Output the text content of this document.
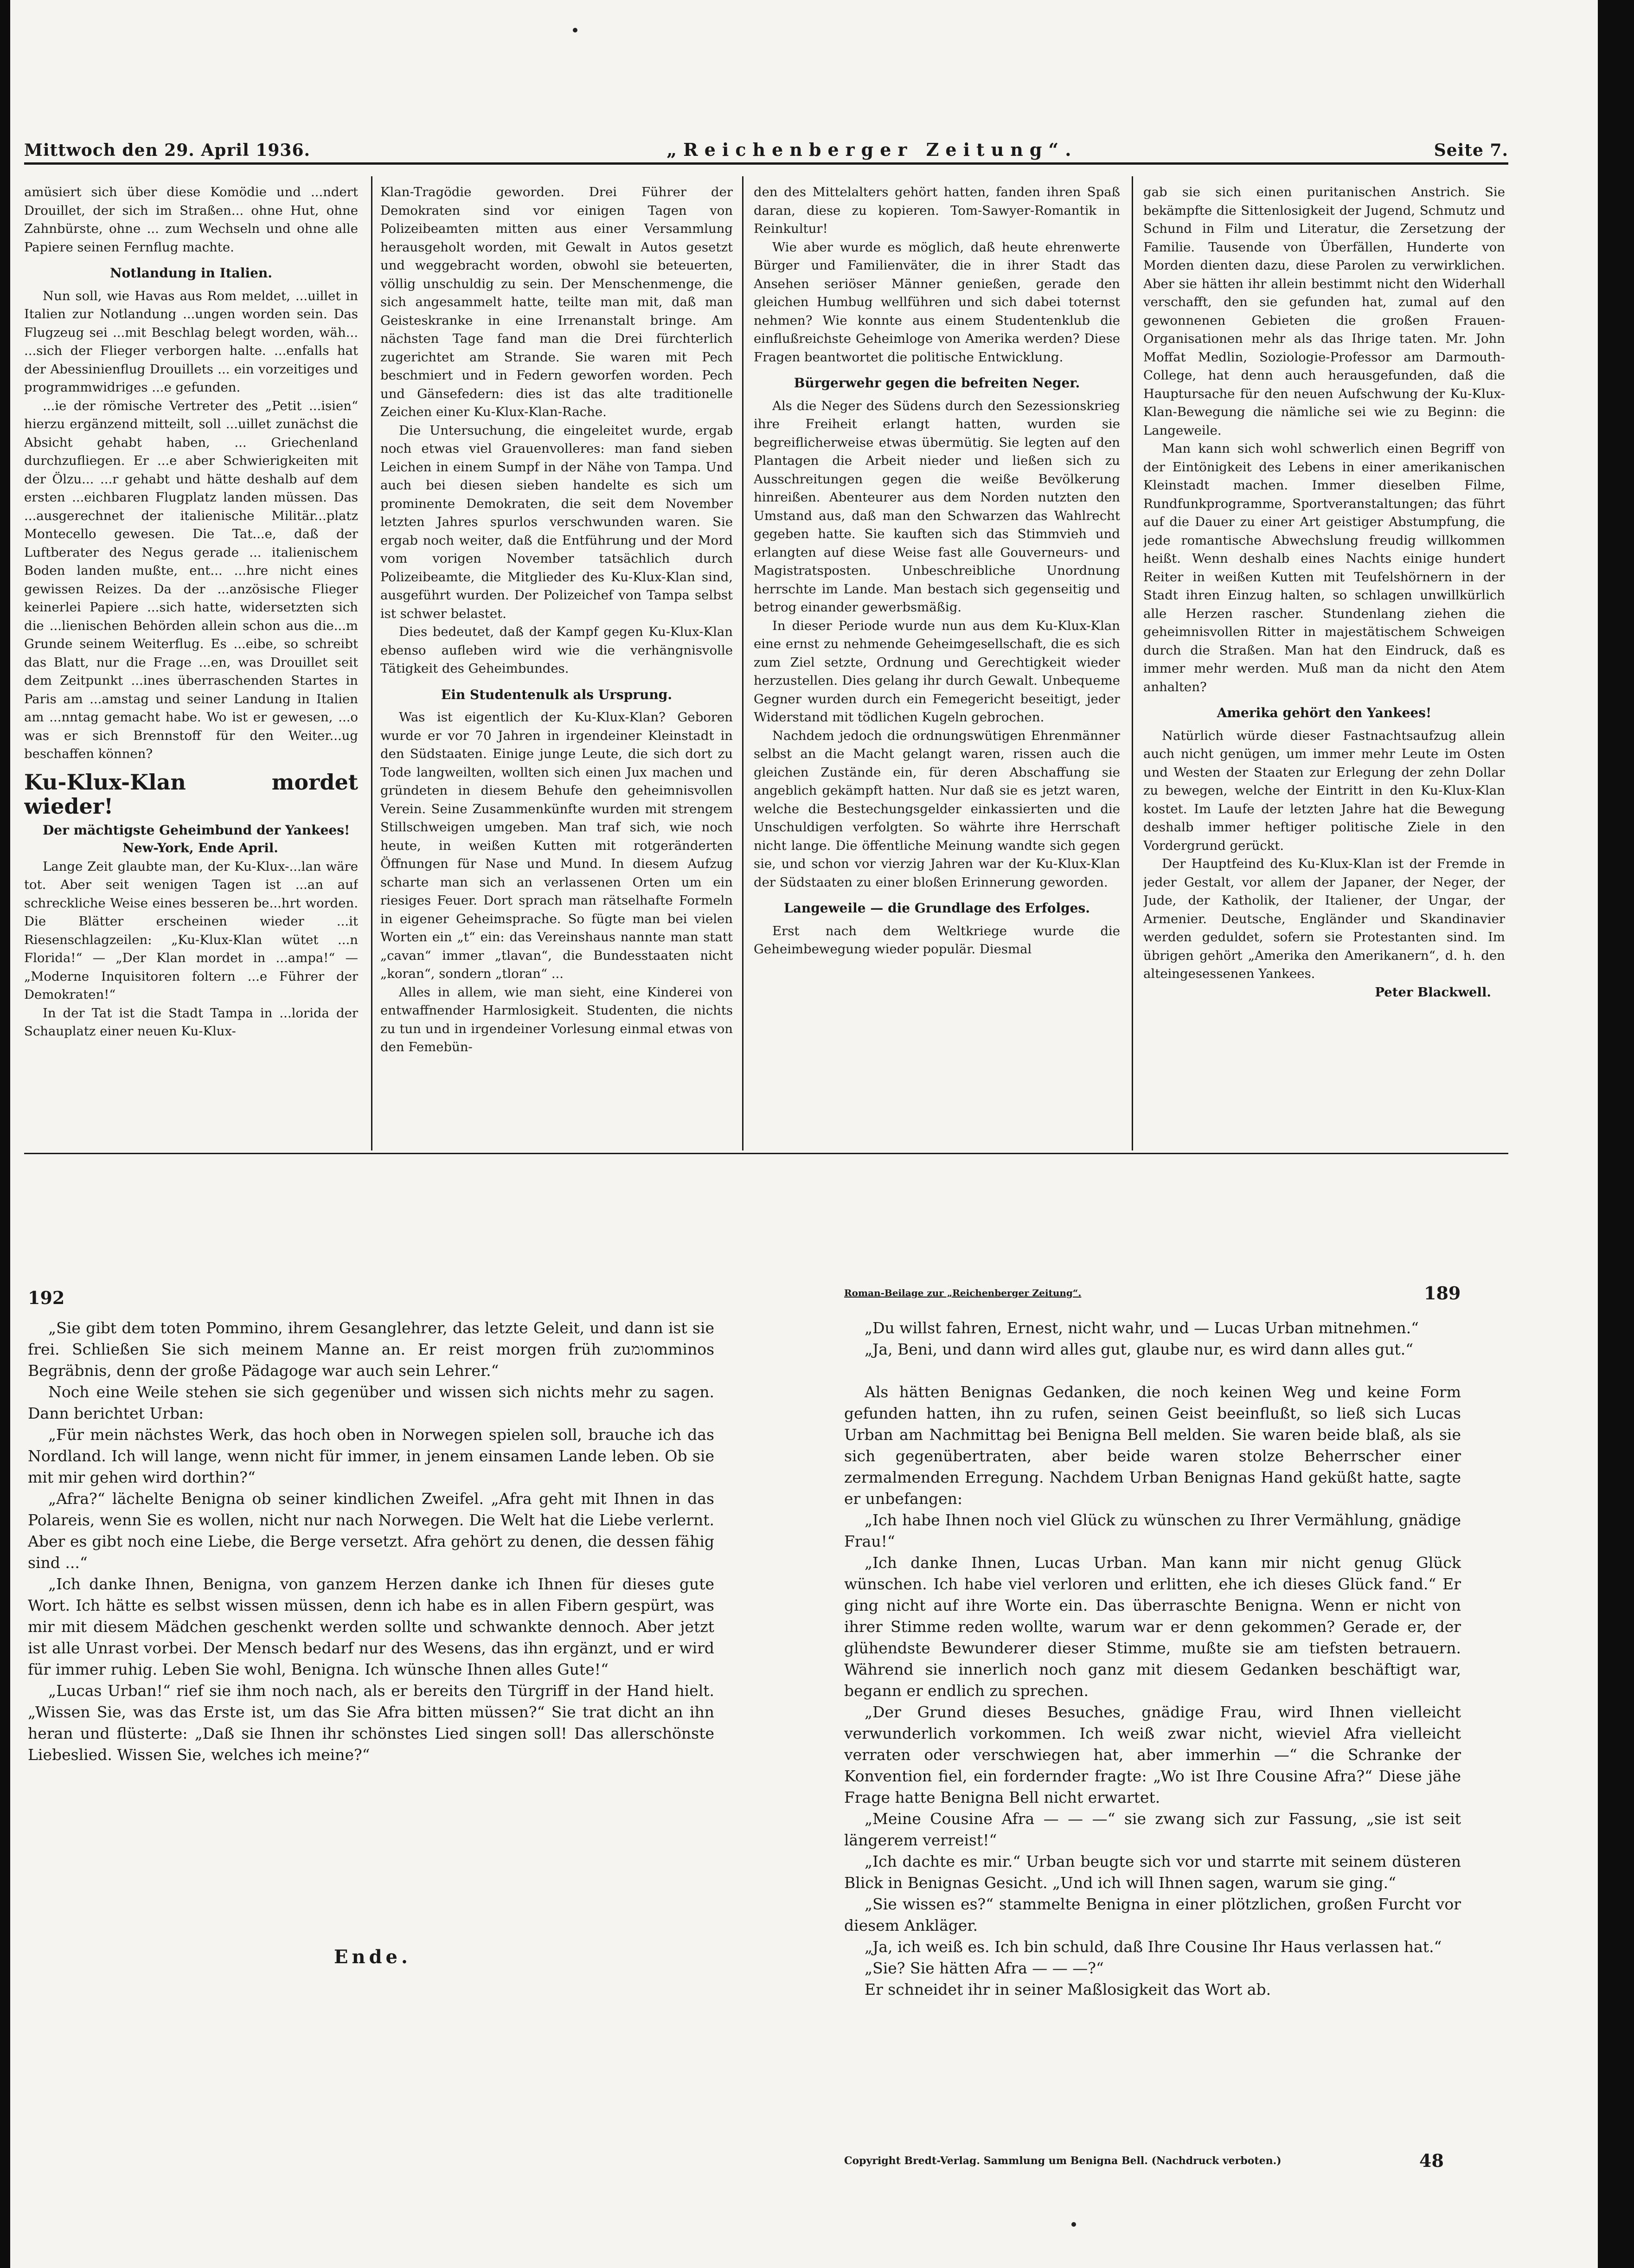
Mittwoch den 29. April 1936.	„Reichenberger Zeitung“.	Seite 7.

amüsiert sich über diese Komödie und ...ndert Drouillet, der sich im Straßen... ohne Hut, ohne Zahnbürste, ohne ... zum Wechseln und ohne alle Papiere seinen Fernflug machte.

Notlandung in Italien.

Nun soll, wie Havas aus Rom meldet, ...uillet in Italien zur Notlandung ...ungen worden sein. Das Flugzeug sei ...mit Beschlag belegt worden, wäh... ...sich der Flieger verborgen halte. ...enfalls hat der Abessinienflug Drouillets ... ein vorzeitiges und programmwidriges ...e gefunden.

...ie der römische Vertreter des „Petit ...isien“ hierzu ergänzend mitteilt, soll ...uillet zunächst die Absicht gehabt haben, ... Griechenland durchzufliegen. Er ...e aber Schwierigkeiten mit der Ölzu... ...r gehabt und hätte deshalb auf dem ersten ...eichbaren Flugplatz landen müssen. Das ...ausgerechnet der italienische Militär...platz Montecello gewesen. Die Tat...e, daß der Luftberater des Negus gerade ... italienischem Boden landen mußte, ent... ...hre nicht eines gewissen Reizes. Da der ...anzösische Flieger keinerlei Papiere ...sich hatte, widersetzten sich die ...lienischen Behörden allein schon aus die...m Grunde seinem Weiterflug. Es ...eibe, so schreibt das Blatt, nur die Frage ...en, was Drouillet seit dem Zeitpunkt ...ines überraschenden Startes in Paris am ...amstag und seiner Landung in Italien am ...nntag gemacht habe. Wo ist er gewesen, ...o was er sich Brennstoff für den Weiter...ug beschaffen können?

Ku-Klux-Klan mordet wieder!

Der mächtigste Geheimbund der Yankees!

New-York, Ende April.

Lange Zeit glaubte man, der Ku-Klux-...lan wäre tot. Aber seit wenigen Tagen ist ...an auf schreckliche Weise eines besseren be...hrt worden. Die Blätter erscheinen wieder ...it Riesenschlagzeilen: „Ku-Klux-Klan wütet ...n Florida!“ — „Der Klan mordet in ...ampa!“ — „Moderne Inquisitoren foltern ...e Führer der Demokraten!“

In der Tat ist die Stadt Tampa in ...lorida der Schauplatz einer neuen Ku-Klux-

Klan-Tragödie geworden. Drei Führer der Demokraten sind vor einigen Tagen von Polizeibeamten mitten aus einer Versammlung herausgeholt worden, mit Gewalt in Autos gesetzt und weggebracht worden, obwohl sie beteuerten, völlig unschuldig zu sein. Der Menschenmenge, die sich angesammelt hatte, teilte man mit, daß man Geisteskranke in eine Irrenanstalt bringe. Am nächsten Tage fand man die Drei fürchterlich zugerichtet am Strande. Sie waren mit Pech beschmiert und in Federn geworfen worden. Pech und Gänsefedern: dies ist das alte traditionelle Zeichen einer Ku-Klux-Klan-Rache.

Die Untersuchung, die eingeleitet wurde, ergab noch etwas viel Grauenvolleres: man fand sieben Leichen in einem Sumpf in der Nähe von Tampa. Und auch bei diesen sieben handelte es sich um prominente Demokraten, die seit dem November letzten Jahres spurlos verschwunden waren. Sie ergab noch weiter, daß die Entführung und der Mord vom vorigen November tatsächlich durch Polizeibeamte, die Mitglieder des Ku-Klux-Klan sind, ausgeführt wurden. Der Polizeichef von Tampa selbst ist schwer belastet.

Dies bedeutet, daß der Kampf gegen Ku-Klux-Klan ebenso aufleben wird wie die verhängnisvolle Tätigkeit des Geheimbundes.

Ein Studentenulk als Ursprung.

Was ist eigentlich der Ku-Klux-Klan? Geboren wurde er vor 70 Jahren in irgendeiner Kleinstadt in den Südstaaten. Einige junge Leute, die sich dort zu Tode langweilten, wollten sich einen Jux machen und gründeten in diesem Behufe den geheimnisvollen Verein. Seine Zusammenkünfte wurden mit strengem Stillschweigen umgeben. Man traf sich, wie noch heute, in weißen Kutten mit rotgeränderten Öffnungen für Nase und Mund. In diesem Aufzug scharte man sich an verlassenen Orten um ein riesiges Feuer. Dort sprach man rätselhafte Formeln in eigener Geheimsprache. So fügte man bei vielen Worten ein „t“ ein: das Vereinshaus nannte man statt „cavan“ immer „tlavan“, die Bundesstaaten nicht „koran“, sondern „tloran“ ...

Alles in allem, wie man sieht, eine Kinderei von entwaffnender Harmlosigkeit. Studenten, die nichts zu tun und in irgendeiner Vorlesung einmal etwas von den Femebün-

den des Mittelalters gehört hatten, fanden ihren Spaß daran, diese zu kopieren. Tom-Sawyer-Romantik in Reinkultur!

Wie aber wurde es möglich, daß heute ehrenwerte Bürger und Familienväter, die in ihrer Stadt das Ansehen seriöser Männer genießen, gerade den gleichen Humbug wellführen und sich dabei toternst nehmen? Wie konnte aus einem Studentenklub die einflußreichste Geheimloge von Amerika werden? Diese Fragen beantwortet die politische Entwicklung.

Bürgerwehr gegen die befreiten Neger.

Als die Neger des Südens durch den Sezessionskrieg ihre Freiheit erlangt hatten, wurden sie begreiflicherweise etwas übermütig. Sie legten auf den Plantagen die Arbeit nieder und ließen sich zu Ausschreitungen gegen die weiße Bevölkerung hinreißen. Abenteurer aus dem Norden nutzten den Umstand aus, daß man den Schwarzen das Wahlrecht gegeben hatte. Sie kauften sich das Stimmvieh und erlangten auf diese Weise fast alle Gouverneurs- und Magistratsposten. Unbeschreibliche Unordnung herrschte im Lande. Man bestach sich gegenseitig und betrog einander gewerbsmäßig.

In dieser Periode wurde nun aus dem Ku-Klux-Klan eine ernst zu nehmende Geheimgesellschaft, die es sich zum Ziel setzte, Ordnung und Gerechtigkeit wieder herzustellen. Dies gelang ihr durch Gewalt. Unbequeme Gegner wurden durch ein Femegericht beseitigt, jeder Widerstand mit tödlichen Kugeln gebrochen.

Nachdem jedoch die ordnungswütigen Ehrenmänner selbst an die Macht gelangt waren, rissen auch die gleichen Zustände ein, für deren Abschaffung sie angeblich gekämpft hatten. Nur daß sie es jetzt waren, welche die Bestechungsgelder einkassierten und die Unschuldigen verfolgten. So währte ihre Herrschaft nicht lange. Die öffentliche Meinung wandte sich gegen sie, und schon vor vierzig Jahren war der Ku-Klux-Klan der Südstaaten zu einer bloßen Erinnerung geworden.

Langeweile — die Grundlage des Erfolges.

Erst nach dem Weltkriege wurde die Geheimbewegung wieder populär. Diesmal

gab sie sich einen puritanischen Anstrich. Sie bekämpfte die Sittenlosigkeit der Jugend, Schmutz und Schund in Film und Literatur, die Zersetzung der Familie. Tausende von Überfällen, Hunderte von Morden dienten dazu, diese Parolen zu verwirklichen. Aber sie hätten ihr allein bestimmt nicht den Widerhall verschafft, den sie gefunden hat, zumal auf den gewonnenen Gebieten die großen Frauen-Organisationen mehr als das Ihrige taten. Mr. John Moffat Medlin, Soziologie-Professor am Darmouth-College, hat denn auch herausgefunden, daß die Hauptursache für den neuen Aufschwung der Ku-Klux-Klan-Bewegung die nämliche sei wie zu Beginn: die Langeweile.

Man kann sich wohl schwerlich einen Begriff von der Eintönigkeit des Lebens in einer amerikanischen Kleinstadt machen. Immer dieselben Filme, Rundfunkprogramme, Sportveranstaltungen; das führt auf die Dauer zu einer Art geistiger Abstumpfung, die jede romantische Abwechslung freudig willkommen heißt. Wenn deshalb eines Nachts einige hundert Reiter in weißen Kutten mit Teufelshörnern in der Stadt ihren Einzug halten, so schlagen unwillkürlich alle Herzen rascher. Stundenlang ziehen die geheimnisvollen Ritter in majestätischem Schweigen durch die Straßen. Man hat den Eindruck, daß es immer mehr werden. Muß man da nicht den Atem anhalten?

Amerika gehört den Yankees!

Natürlich würde dieser Fastnachtsaufzug allein auch nicht genügen, um immer mehr Leute im Osten und Westen der Staaten zur Erlegung der zehn Dollar zu bewegen, welche der Eintritt in den Ku-Klux-Klan kostet. Im Laufe der letzten Jahre hat die Bewegung deshalb immer heftiger politische Ziele in den Vordergrund gerückt.

Der Hauptfeind des Ku-Klux-Klan ist der Fremde in jeder Gestalt, vor allem der Japaner, der Neger, der Jude, der Katholik, der Italiener, der Ungar, der Armenier. Deutsche, Engländer und Skandinavier werden geduldet, sofern sie Protestanten sind. Im übrigen gehört „Amerika den Amerikanern“, d. h. den alteingesessenen Yankees.

Peter Blackwell.

192

„Sie gibt dem toten Pommino, ihrem Gesanglehrer, das letzte Geleit, und dann ist sie frei. Schließen Sie sich meinem Manne an. Er reist morgen früh zuומomminos Begräbnis, denn der große Pädagoge war auch sein Lehrer.“

Noch eine Weile stehen sie sich gegenüber und wissen sich nichts mehr zu sagen. Dann berichtet Urban:

„Für mein nächstes Werk, das hoch oben in Norwegen spielen soll, brauche ich das Nordland. Ich will lange, wenn nicht für immer, in jenem einsamen Lande leben. Ob sie mit mir gehen wird dorthin?“

„Afra?“ lächelte Benigna ob seiner kindlichen Zweifel. „Afra geht mit Ihnen in das Polareis, wenn Sie es wollen, nicht nur nach Norwegen. Die Welt hat die Liebe verlernt. Aber es gibt noch eine Liebe, die Berge versetzt. Afra gehört zu denen, die dessen fähig sind ...“

„Ich danke Ihnen, Benigna, von ganzem Herzen danke ich Ihnen für dieses gute Wort. Ich hätte es selbst wissen müssen, denn ich habe es in allen Fibern gespürt, was mir mit diesem Mädchen geschenkt werden sollte und schwankte dennoch. Aber jetzt ist alle Unrast vorbei. Der Mensch bedarf nur des Wesens, das ihn ergänzt, und er wird für immer ruhig. Leben Sie wohl, Benigna. Ich wünsche Ihnen alles Gute!“

„Lucas Urban!“ rief sie ihm noch nach, als er bereits den Türgriff in der Hand hielt. „Wissen Sie, was das Erste ist, um das Sie Afra bitten müssen?“ Sie trat dicht an ihn heran und flüsterte: „Daß sie Ihnen ihr schönstes Lied singen soll! Das allerschönste Liebeslied. Wissen Sie, welches ich meine?“

Ende.
Roman-Beilage zur „Reichenberger Zeitung“.	189

„Du willst fahren, Ernest, nicht wahr, und — Lucas Urban mitnehmen.“

„Ja, Beni, und dann wird alles gut, glaube nur, es wird dann alles gut.“

Als hätten Benignas Gedanken, die noch keinen Weg und keine Form gefunden hatten, ihn zu rufen, seinen Geist beeinflußt, so ließ sich Lucas Urban am Nachmittag bei Benigna Bell melden. Sie waren beide blaß, als sie sich gegenübertraten, aber beide waren stolze Beherrscher einer zermalmenden Erregung. Nachdem Urban Benignas Hand geküßt hatte, sagte er unbefangen:

„Ich habe Ihnen noch viel Glück zu wünschen zu Ihrer Vermählung, gnädige Frau!“

„Ich danke Ihnen, Lucas Urban. Man kann mir nicht genug Glück wünschen. Ich habe viel verloren und erlitten, ehe ich dieses Glück fand.“ Er ging nicht auf ihre Worte ein. Das überraschte Benigna. Wenn er nicht von ihrer Stimme reden wollte, warum war er denn gekommen? Gerade er, der glühendste Bewunderer dieser Stimme, mußte sie am tiefsten betrauern. Während sie innerlich noch ganz mit diesem Gedanken beschäftigt war, begann er endlich zu sprechen.

„Der Grund dieses Besuches, gnädige Frau, wird Ihnen vielleicht verwunderlich vorkommen. Ich weiß zwar nicht, wieviel Afra vielleicht verraten oder verschwiegen hat, aber immerhin —“ die Schranke der Konvention fiel, ein fordernder fragte: „Wo ist Ihre Cousine Afra?“ Diese jähe Frage hatte Benigna Bell nicht erwartet.

„Meine Cousine Afra — — —“ sie zwang sich zur Fassung, „sie ist seit längerem verreist!“

„Ich dachte es mir.“ Urban beugte sich vor und starrte mit seinem düsteren Blick in Benignas Gesicht. „Und ich will Ihnen sagen, warum sie ging.“

„Sie wissen es?“ stammelte Benigna in einer plötzlichen, großen Furcht vor diesem Ankläger.

„Ja, ich weiß es. Ich bin schuld, daß Ihre Cousine Ihr Haus verlassen hat.“

„Sie? Sie hätten Afra — — —?“

Er schneidet ihr in seiner Maßlosigkeit das Wort ab.

Copyright Bredt-Verlag. Sammlung um Benigna Bell. (Nachdruck verboten.)	48
